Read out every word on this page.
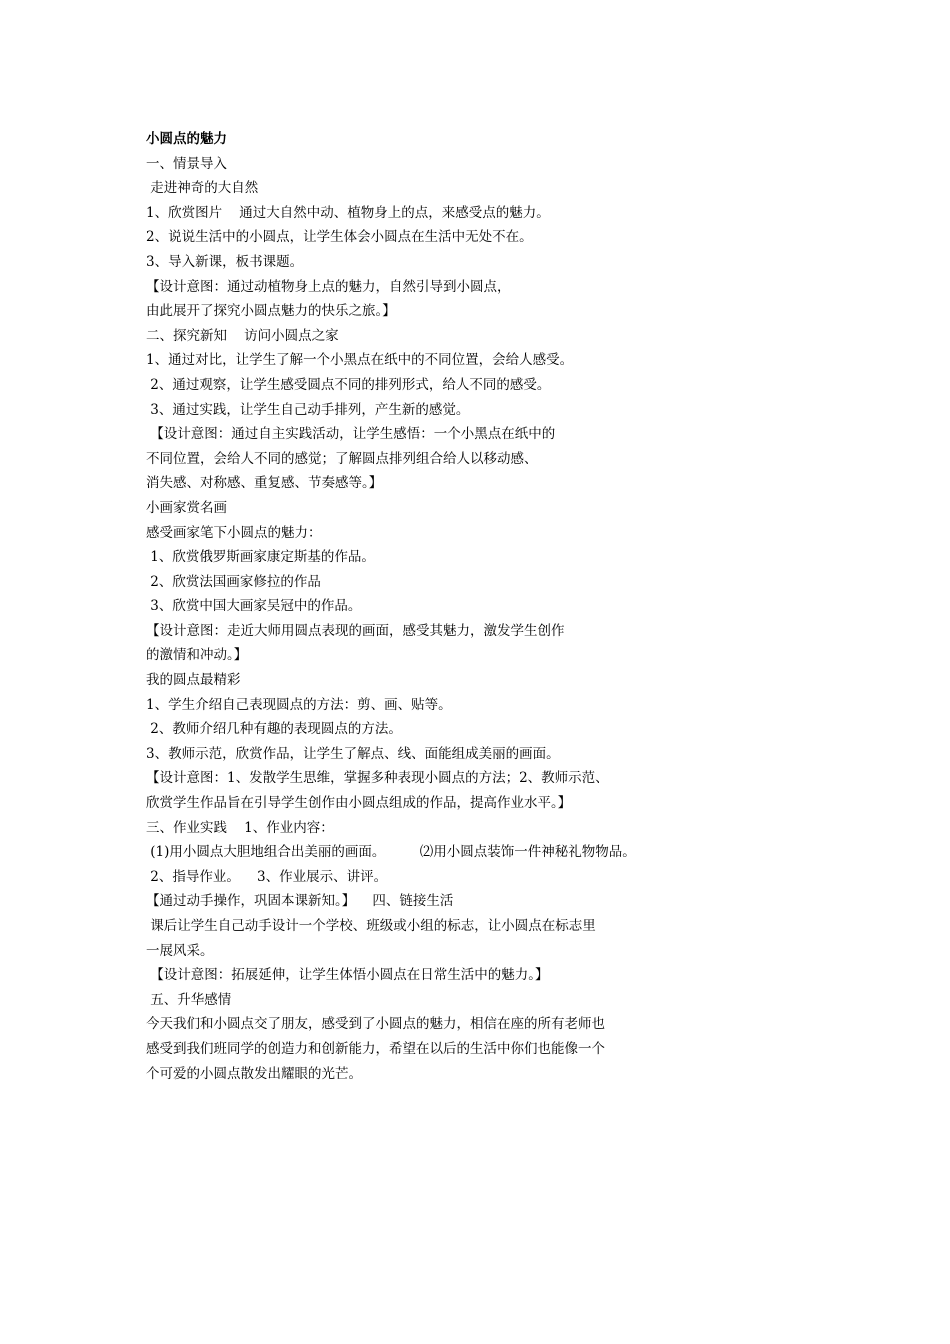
小圆点的魅力
一、情景导入
走进神奇的大自然
1、欣赏图片    通过大自然中动、植物身上的点，来感受点的魅力。
2、说说生活中的小圆点，让学生体会小圆点在生活中无处不在。
3、导入新课，板书课题。
【设计意图：通过动植物身上点的魅力，自然引导到小圆点，
由此展开了探究小圆点魅力的快乐之旅。】
二、探究新知    访问小圆点之家
1、通过对比，让学生了解一个小黑点在纸中的不同位置，会给人感受。
2、通过观察，让学生感受圆点不同的排列形式，给人不同的感受。
3、通过实践，让学生自己动手排列，产生新的感觉。
【设计意图：通过自主实践活动，让学生感悟：一个小黑点在纸中的
不同位置，会给人不同的感觉；了解圆点排列组合给人以移动感、
消失感、对称感、重复感、节奏感等。】
小画家赏名画
感受画家笔下小圆点的魅力：
1、欣赏俄罗斯画家康定斯基的作品。
2、欣赏法国画家修拉的作品
3、欣赏中国大画家吴冠中的作品。
【设计意图：走近大师用圆点表现的画面，感受其魅力，激发学生创作
的激情和冲动。】
我的圆点最精彩
1、学生介绍自己表现圆点的方法：剪、画、贴等。
2、教师介绍几种有趣的表现圆点的方法。
3、教师示范，欣赏作品，让学生了解点、线、面能组成美丽的画面。
【设计意图：1、发散学生思维，掌握多种表现小圆点的方法；2、教师示范、
欣赏学生作品旨在引导学生创作由小圆点组成的作品，提高作业水平。】
三、作业实践    1、作业内容：
(1)用小圆点大胆地组合出美丽的画面。        ⑵用小圆点装饰一件神秘礼物物品。
2、指导作业。    3、作业展示、讲评。
【通过动手操作，巩固本课新知。】    四、链接生活
课后让学生自己动手设计一个学校、班级或小组的标志，让小圆点在标志里
一展风采。
【设计意图：拓展延伸，让学生体悟小圆点在日常生活中的魅力。】
五、升华感情
今天我们和小圆点交了朋友，感受到了小圆点的魅力，相信在座的所有老师也
感受到我们班同学的创造力和创新能力，希望在以后的生活中你们也能像一个
个可爱的小圆点散发出耀眼的光芒。
